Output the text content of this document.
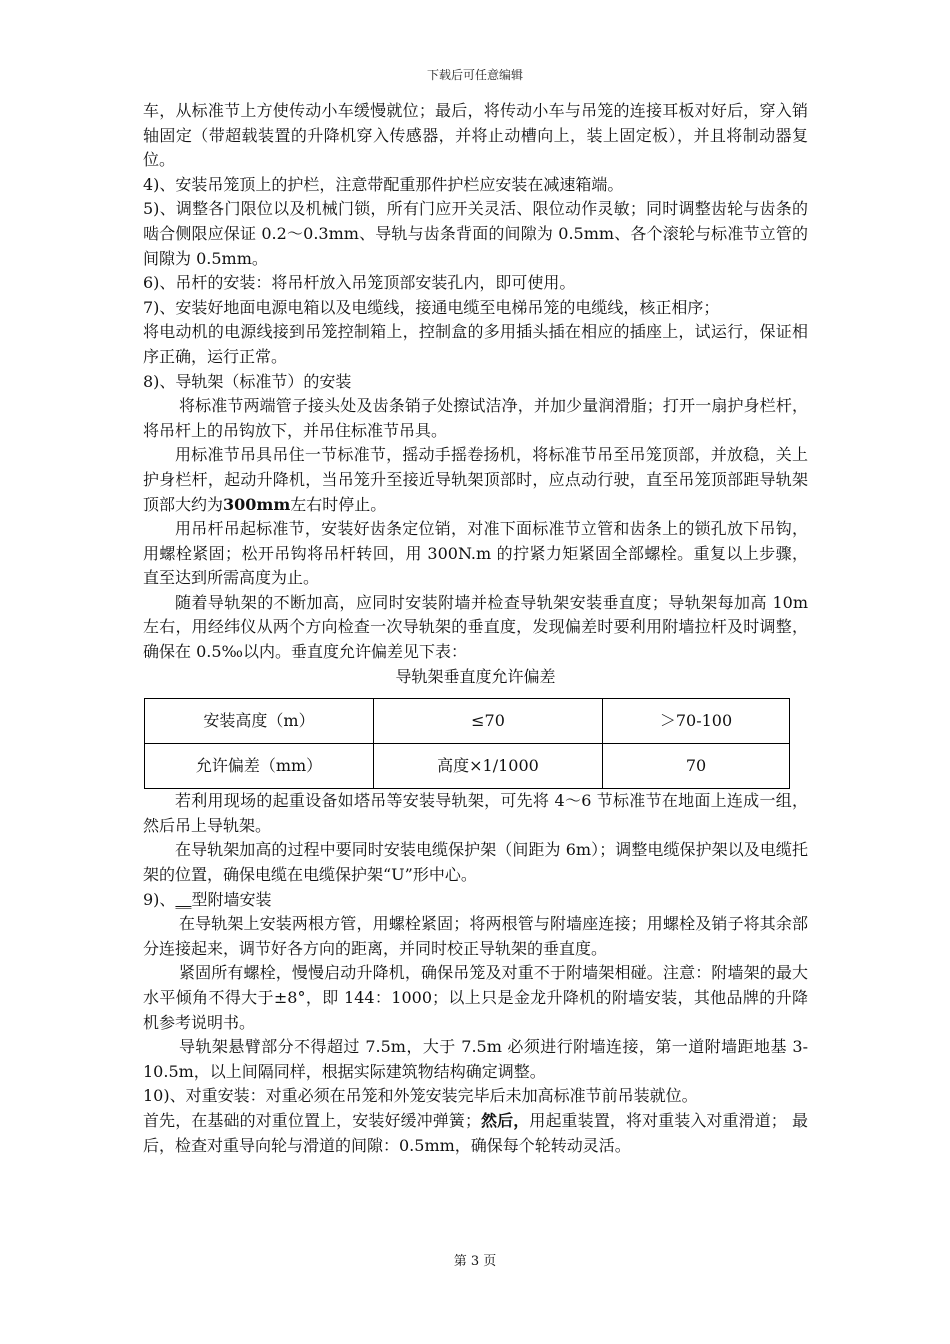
下载后可任意编辑

车，从标准节上方使传动小车缓慢就位；最后，将传动小车与吊笼的连接耳板对好后，穿入销轴固定（带超载装置的升降机穿入传感器，并将止动槽向上，装上固定板），并且将制动器复位。

4)、安装吊笼顶上的护栏，注意带配重那件护栏应安装在减速箱端。

5)、调整各门限位以及机械门锁，所有门应开关灵活、限位动作灵敏；同时调整齿轮与齿条的啮合侧限应保证 0.2～0.3mm、导轨与齿条背面的间隙为 0.5mm、各个滚轮与标准节立管的间隙为 0.5mm。

6)、吊杆的安装：将吊杆放入吊笼顶部安装孔内，即可使用。

7)、安装好地面电源电箱以及电缆线，接通电缆至电梯吊笼的电缆线，核正相序；

将电动机的电源线接到吊笼控制箱上，控制盒的多用插头插在相应的插座上，试运行，保证相序正确，运行正常。

8)、导轨架（标准节）的安装

将标准节两端管子接头处及齿条销子处擦试洁净，并加少量润滑脂；打开一扇护身栏杆，将吊杆上的吊钩放下，并吊住标准节吊具。

用标准节吊具吊住一节标准节，摇动手摇卷扬机，将标准节吊至吊笼顶部，并放稳，关上护身栏杆，起动升降机，当吊笼升至接近导轨架顶部时，应点动行驶，直至吊笼顶部距导轨架顶部大约为300mm左右时停止。

用吊杆吊起标准节，安装好齿条定位销，对准下面标准节立管和齿条上的锁孔放下吊钩，用螺栓紧固；松开吊钩将吊杆转回，用 300N.m 的拧紧力矩紧固全部螺栓。重复以上步骤，直至达到所需高度为止。

随着导轨架的不断加高，应同时安装附墙并检查导轨架安装垂直度；导轨架每加高 10m 左右，用经纬仪从两个方向检查一次导轨架的垂直度，发现偏差时要利用附墙拉杆及时调整，确保在 0.5‰以内。垂直度允许偏差见下表：

导轨架垂直度允许偏差

安装高度（m）	≤70	＞70-100
允许偏差（mm）	高度×1/1000	70

若利用现场的起重设备如塔吊等安装导轨架，可先将 4～6 节标准节在地面上连成一组，然后吊上导轨架。

在导轨架加高的过程中要同时安装电缆保护架（间距为 6m）；调整电缆保护架以及电缆托架的位置，确保电缆在电缆保护架“U”形中心。

9)、__型附墙安装

在导轨架上安装两根方管，用螺栓紧固；将两根管与附墙座连接；用螺栓及销子将其余部分连接起来，调节好各方向的距离，并同时校正导轨架的垂直度。

紧固所有螺栓，慢慢启动升降机，确保吊笼及对重不于附墙架相碰。注意：附墙架的最大水平倾角不得大于±8°，即 144：1000；以上只是金龙升降机的附墙安装，其他品牌的升降机参考说明书。

导轨架悬臂部分不得超过 7.5m，大于 7.5m 必须进行附墙连接，第一道附墙距地基 3-10.5m，以上间隔同样，根据实际建筑物结构确定调整。

10)、对重安装：对重必须在吊笼和外笼安装完毕后未加高标准节前吊装就位。

首先，在基础的对重位置上，安装好缓冲弹簧；然后，用起重装置，将对重装入对重滑道； 最后，检查对重导向轮与滑道的间隙：0.5mm，确保每个轮转动灵活。

第 3 页
